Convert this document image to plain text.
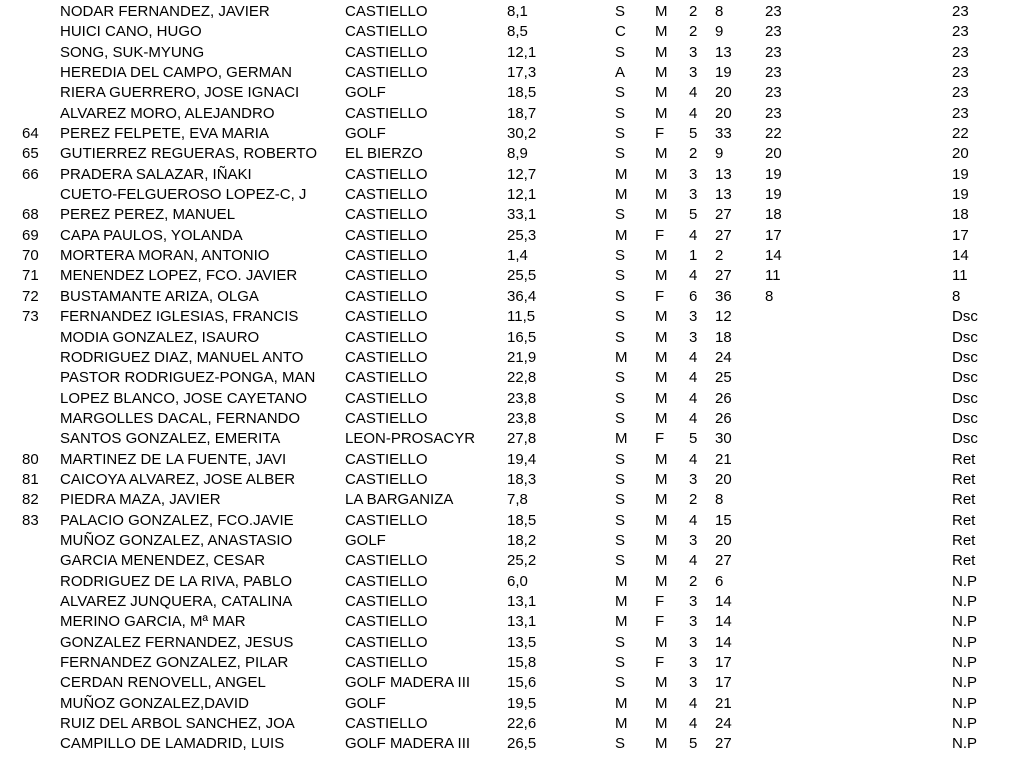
NODAR FERNANDEZ, JAVIER	CASTIELLO	8,1	S	M	2	8	23	23
HUICI CANO, HUGO	CASTIELLO	8,5	C	M	2	9	23	23
SONG, SUK-MYUNG	CASTIELLO	12,1	S	M	3	13	23	23
HEREDIA DEL CAMPO, GERMAN	CASTIELLO	17,3	A	M	3	19	23	23
RIERA GUERRERO, JOSE IGNACI	GOLF	18,5	S	M	4	20	23	23
ALVAREZ MORO, ALEJANDRO	CASTIELLO	18,7	S	M	4	20	23	23
64	PEREZ FELPETE, EVA MARIA	GOLF	30,2	S	F	5	33	22	22
65	GUTIERREZ REGUERAS, ROBERTO	EL BIERZO	8,9	S	M	2	9	20	20
66	PRADERA SALAZAR, IÑAKI	CASTIELLO	12,7	M	M	3	13	19	19
CUETO-FELGUEROSO LOPEZ-C, J	CASTIELLO	12,1	M	M	3	13	19	19
68	PEREZ PEREZ, MANUEL	CASTIELLO	33,1	S	M	5	27	18	18
69	CAPA PAULOS, YOLANDA	CASTIELLO	25,3	M	F	4	27	17	17
70	MORTERA MORAN, ANTONIO	CASTIELLO	1,4	S	M	1	2	14	14
71	MENENDEZ LOPEZ, FCO. JAVIER	CASTIELLO	25,5	S	M	4	27	11	11
72	BUSTAMANTE ARIZA, OLGA	CASTIELLO	36,4	S	F	6	36	8	8
73	FERNANDEZ IGLESIAS, FRANCIS	CASTIELLO	11,5	S	M	3	12	Dsc
MODIA GONZALEZ, ISAURO	CASTIELLO	16,5	S	M	3	18	Dsc
RODRIGUEZ DIAZ, MANUEL ANTO	CASTIELLO	21,9	M	M	4	24	Dsc
PASTOR RODRIGUEZ-PONGA, MAN	CASTIELLO	22,8	S	M	4	25	Dsc
LOPEZ BLANCO, JOSE CAYETANO	CASTIELLO	23,8	S	M	4	26	Dsc
MARGOLLES DACAL, FERNANDO	CASTIELLO	23,8	S	M	4	26	Dsc
SANTOS GONZALEZ, EMERITA	LEON-PROSACYR	27,8	M	F	5	30	Dsc
80	MARTINEZ DE LA FUENTE, JAVI	CASTIELLO	19,4	S	M	4	21	Ret
81	CAICOYA ALVAREZ, JOSE ALBER	CASTIELLO	18,3	S	M	3	20	Ret
82	PIEDRA MAZA, JAVIER	LA BARGANIZA	7,8	S	M	2	8	Ret
83	PALACIO GONZALEZ, FCO.JAVIE	CASTIELLO	18,5	S	M	4	15	Ret
MUÑOZ GONZALEZ, ANASTASIO	GOLF	18,2	S	M	3	20	Ret
GARCIA MENENDEZ, CESAR	CASTIELLO	25,2	S	M	4	27	Ret
RODRIGUEZ DE LA RIVA, PABLO	CASTIELLO	6,0	M	M	2	6	N.P
ALVAREZ JUNQUERA, CATALINA	CASTIELLO	13,1	M	F	3	14	N.P
MERINO GARCIA, Mª MAR	CASTIELLO	13,1	M	F	3	14	N.P
GONZALEZ FERNANDEZ, JESUS	CASTIELLO	13,5	S	M	3	14	N.P
FERNANDEZ GONZALEZ, PILAR	CASTIELLO	15,8	S	F	3	17	N.P
CERDAN RENOVELL, ANGEL	GOLF MADERA III	15,6	S	M	3	17	N.P
MUÑOZ GONZALEZ,DAVID	GOLF	19,5	M	M	4	21	N.P
RUIZ DEL ARBOL SANCHEZ, JOA	CASTIELLO	22,6	M	M	4	24	N.P
CAMPILLO DE LAMADRID, LUIS	GOLF MADERA III	26,5	S	M	5	27	N.P
